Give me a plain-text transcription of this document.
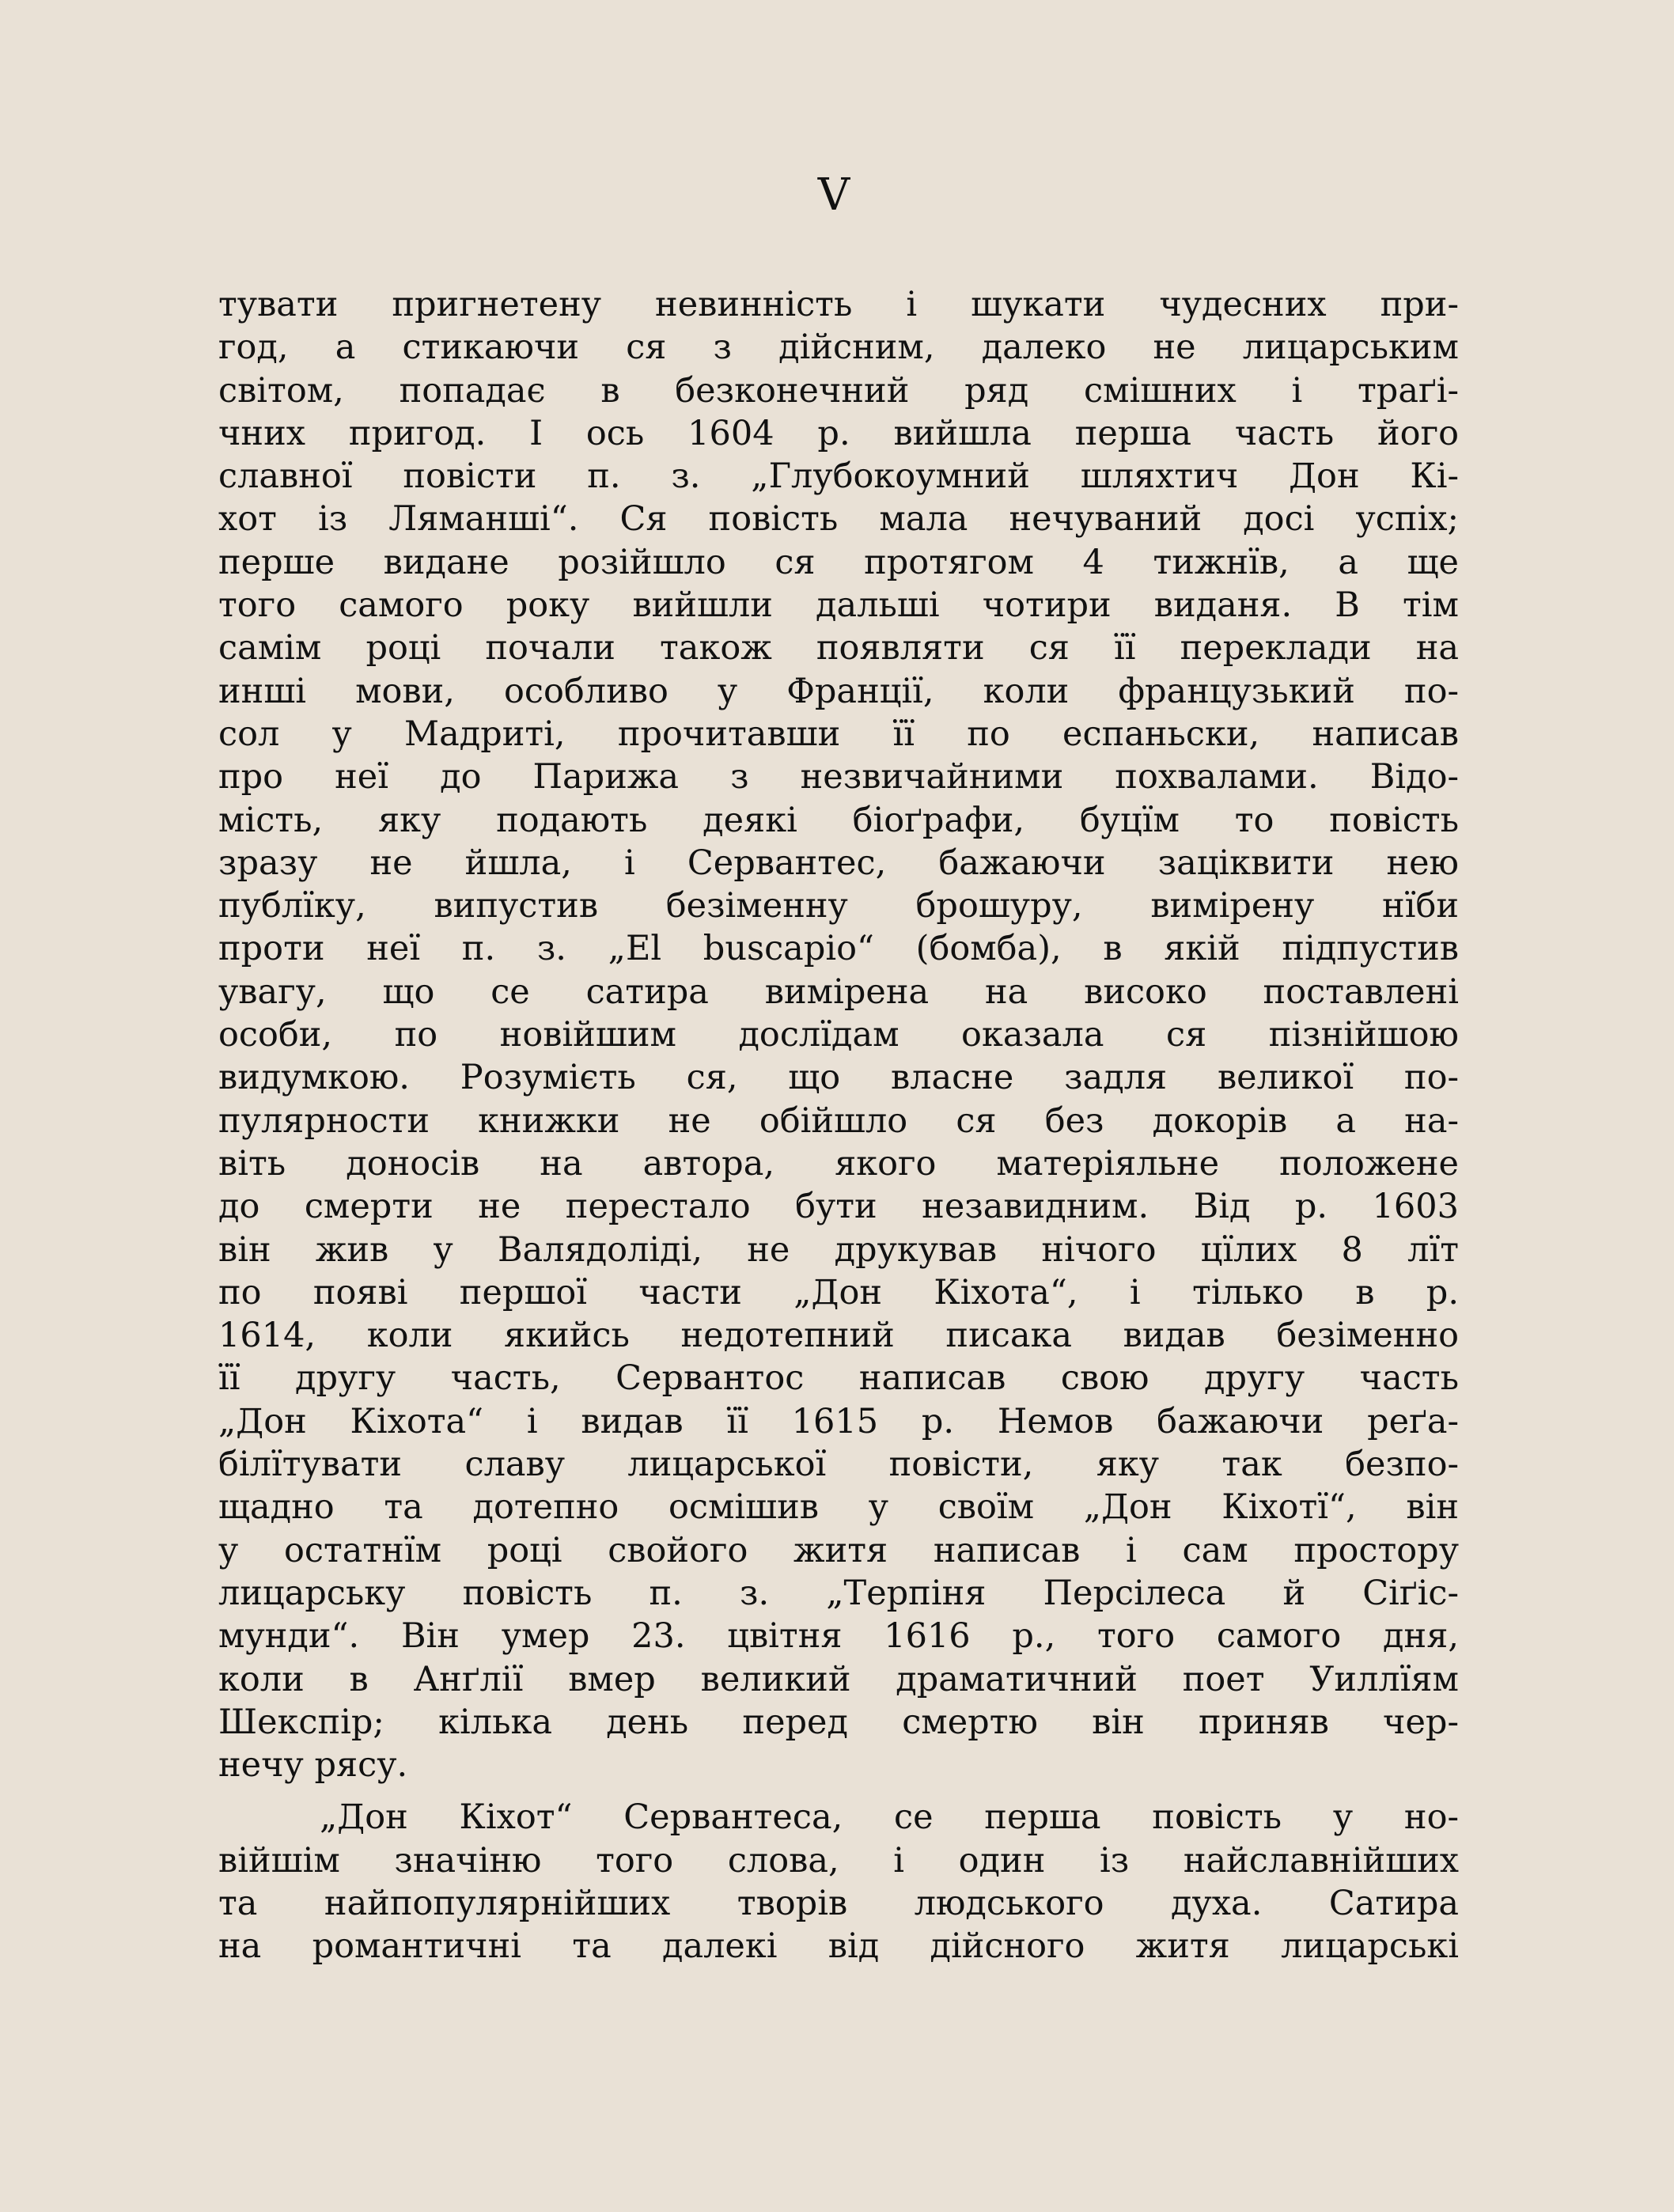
V
тувати пригнетену невинність і шукати чудесних при-
год, а стикаючи ся з дійсним, далеко не лицарським
світом, попадає в безконечний ряд смішних і траґі-
чних пригод. І ось 1604 р. вийшла перша часть його
славної повісти п. з. „Глубокоумний шляхтич Дон Кі-
хот із Ляманші“. Ся повість мала нечуваний досі успіх;
перше видане розійшло ся протягом 4 тижнїв, а ще
того самого року вийшли дальші чотири виданя. В тім
самім році почали також появляти ся її переклади на
инші мови, особливо у Франції, коли французький по-
сол у Мадриті, прочитавши її по еспаньски, написав
про неї до Парижа з незвичайними похвалами. Відо-
мість, яку подають деякі біоґрафи, буцїм то повість
зразу не йшла, і Сервантес, бажаючи заціквити нею
публїку, випустив безіменну брошуру, вимірену нїби
проти неї п. з. „El buscapio“ (бомба), в якій підпустив
увагу, що се сатира вимірена на високо поставлені
особи, по новійшим дослїдам оказала ся пізнійшою
видумкою. Розумієть ся, що власне задля великої по-
пулярности книжки не обійшло ся без докорів а на-
віть доносів на автора, якого матеріяльне положене
до смерти не перестало бути незавидним. Від р. 1603
він жив у Валядоліді, не друкував нічого цїлих 8 лїт
по появі першої части „Дон Кіхота“, і тілько в р.
1614, коли якийсь недотепний писака видав безіменно
її другу часть, Сервантос написав свою другу часть
„Дон Кіхота“ і видав її 1615 р. Немов бажаючи реґа-
білїтувати славу лицарської повісти, яку так безпо-
щадно та дотепно осмішив у своїм „Дон Кіхотї“, він
у остатнїм році свойого житя написав і сам простору
лицарську повість п. з. „Терпіня Персілеса й Сіґіс-
мунди“. Він умер 23. цвітня 1616 р., того самого дня,
коли в Анґлії вмер великий драматичний поет Уиллїям
Шекспір; кілька день перед смертю він приняв чер-
нечу рясу.
„Дон Кіхот“ Сервантеса, се перша повість у но-
війшім значіню того слова, і один із найславнійших
та найпопулярнійших творів людського духа. Сатира
на романтичні та далекі від дійсного житя лицарські
